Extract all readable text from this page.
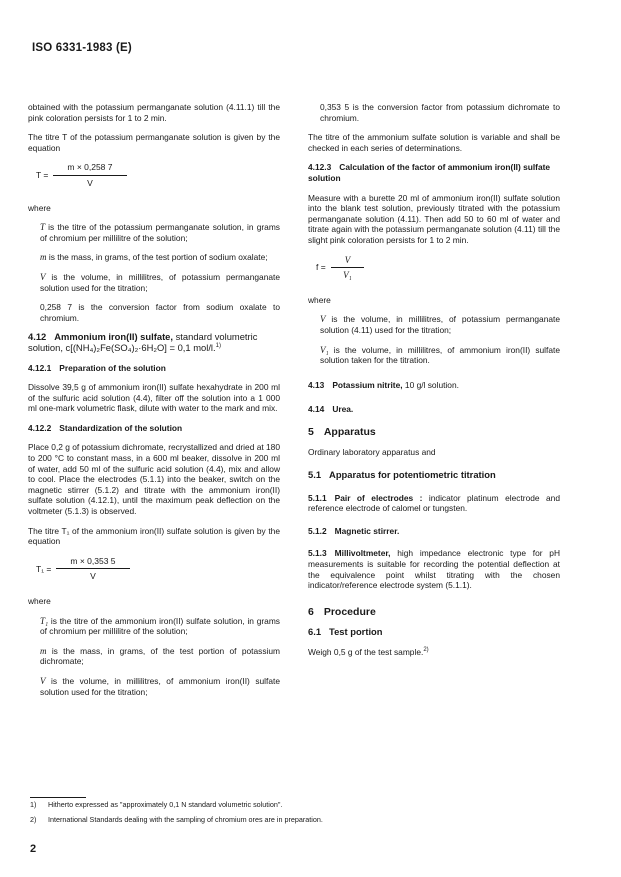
ISO 6331-1983 (E)

obtained with the potassium permanganate solution (4.11.1) till the pink coloration persists for 1 to 2 min.

The titre T of the potassium permanganate solution is given by the equation

$T = \frac{m \times 0,258 7}{V}$

where

T is the titre of the potassium permanganate solution, in grams of chromium per millilitre of the solution;

m is the mass, in grams, of the test portion of sodium oxalate;

V is the volume, in millilitres, of potassium permanganate solution used for the titration;

0,258 7 is the conversion factor from sodium oxalate to chromium.

4.12 Ammonium iron(II) sulfate, standard volumetric solution, c[(NH₄)₂Fe(SO₄)₂·6H₂O] = 0,1 mol/l.$^{1)}$
4.12.1 Preparation of the solution

Dissolve 39,5 g of ammonium iron(II) sulfate hexahydrate in 200 ml of the sulfuric acid solution (4.4), filter off the solution into a 1 000 ml one-mark volumetric flask, dilute with water to the mark and mix.

4.12.2 Standardization of the solution

Place 0,2 g of potassium dichromate, recrystallized and dried at 180 to 200 °C to constant mass, in a 600 ml beaker, dissolve in 200 ml of water, add 50 ml of the sulfuric acid solution (4.4), mix and allow to cool. Place the electrodes (5.1.1) into the beaker, switch on the magnetic stirrer (5.1.2) and titrate with the ammonium iron(II) sulfate solution (4.12.1), until the maximum peak deflection on the voltmeter (5.1.3) is observed.

The titre T₁ of the ammonium iron(II) sulfate solution is given by the equation

$T_1 = \frac{m \times 0,353 5}{V}$

where

T₁ is the titre of the ammonium iron(II) sulfate solution, in grams of chromium per millilitre of the solution;

m is the mass, in grams, of the test portion of potassium dichromate;

V is the volume, in millilitres, of ammonium iron(II) sulfate solution used for the titration;

0,353 5 is the conversion factor from potassium dichromate to chromium.

The titre of the ammonium sulfate solution is variable and shall be checked in each series of determinations.

4.12.3 Calculation of the factor of ammonium iron(II) sulfate solution

Measure with a burette 20 ml of ammonium iron(II) sulfate solution into the blank test solution, previously titrated with the potassium permanganate solution (4.11). Then add 50 to 60 ml of water and titrate again with the potassium permanganate solution (4.11) till the slight pink coloration persists for 1 to 2 min.

$f = \frac{V}{\text{V₁}}$

where

V is the volume, in millilitres, of potassium permanganate solution (4.11) used for the titration;

V₁ is the volume, in millilitres, of ammonium iron(II) sulfate solution taken for the titration.

4.13 Potassium nitrite, 10 g/l solution.
4.14 Urea.
5 Apparatus

Ordinary laboratory apparatus and

5.1 Apparatus for potentiometric titration

5.1.1 Pair of electrodes : indicator platinum electrode and reference electrode of calomel or tungsten.

5.1.2 Magnetic stirrer.

5.1.3 Millivoltmeter, high impedance electronic type for pH measurements is suitable for recording the potential deflection at the equivalence point whilst titrating with the chosen indicator/reference electrode system (5.1.1).

6 Procedure
6.1 Test portion

Weigh 0,5 g of the test sample.$^{2)}$

1) Hitherto expressed as "approximately 0,1 N standard volumetric solution".
2) International Standards dealing with the sampling of chromium ores are in preparation.
2
